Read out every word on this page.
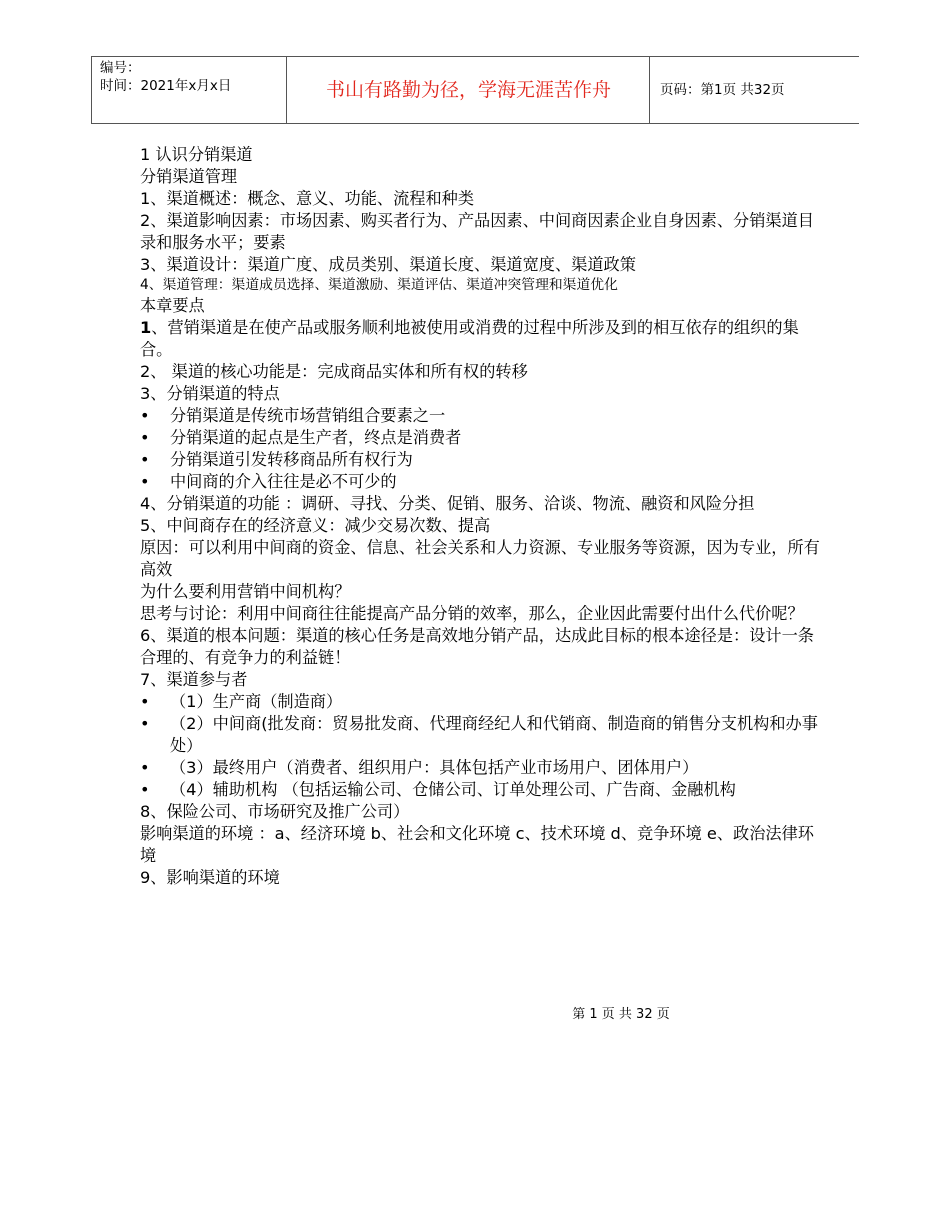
编号：
时间：2021年x月x日	书山有路勤为径，学海无涯苦作舟	页码：第1页 共32页

1 认识分销渠道

分销渠道管理

1、渠道概述：概念、意义、功能、流程和种类

2、渠道影响因素：市场因素、购买者行为、产品因素、中间商因素企业自身因素、分销渠道目录和服务水平；要素

3、渠道设计：渠道广度、成员类别、渠道长度、渠道宽度、渠道政策

4、渠道管理：渠道成员选择、渠道激励、渠道评估、渠道冲突管理和渠道优化

本章要点

1、营销渠道是在使产品或服务顺利地被使用或消费的过程中所涉及到的相互依存的组织的集合。

2、 渠道的核心功能是：完成商品实体和所有权的转移

3、分销渠道的特点

•	分销渠道是传统市场营销组合要素之一

•	分销渠道的起点是生产者，终点是消费者

•	分销渠道引发转移商品所有权行为

•	中间商的介入往往是必不可少的

4、分销渠道的功能 ：调研、寻找、分类、促销、服务、洽谈、物流、融资和风险分担

5、中间商存在的经济意义：减少交易次数、提高

原因：可以利用中间商的资金、信息、社会关系和人力资源、专业服务等资源，因为专业，所有高效

为什么要利用营销中间机构？

思考与讨论：利用中间商往往能提高产品分销的效率，那么，企业因此需要付出什么代价呢？

6、渠道的根本问题：渠道的核心任务是高效地分销产品，达成此目标的根本途径是：设计一条合理的、有竞争力的利益链！

7、渠道参与者

•	（1）生产商（制造商）

•	（2）中间商(批发商：贸易批发商、代理商经纪人和代销商、制造商的销售分支机构和办事处）

•	（3）最终用户（消费者、组织用户：具体包括产业市场用户、团体用户）

•	（4）辅助机构 （包括运输公司、仓储公司、订单处理公司、广告商、金融机构

8、保险公司、市场研究及推广公司）

影响渠道的环境 ：a、经济环境 b、社会和文化环境 c、技术环境 d、竞争环境 e、政治法律环境

9、影响渠道的环境

第 1 页 共 32 页
